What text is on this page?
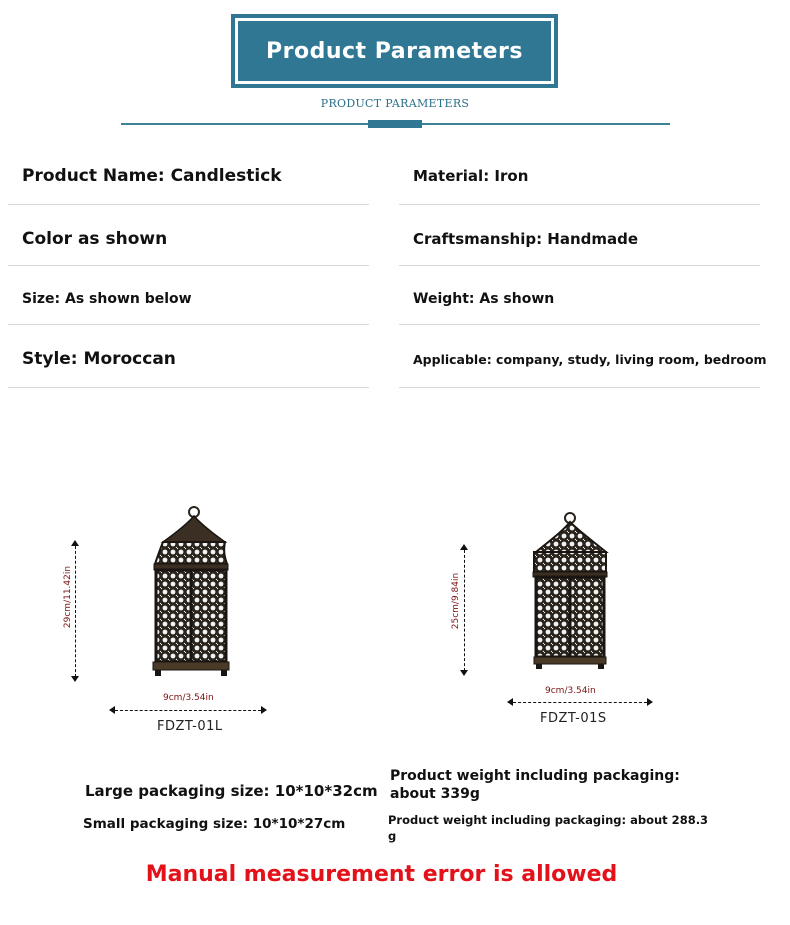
Product Parameters
PRODUCT PARAMETERS
Product Name: Candlestick
Color as shown
Size: As shown below
Style: Moroccan
Material: Iron
Craftsmanship: Handmade
Weight: As shown
Applicable: company, study, living room, bedroom
29cm/11.42in
9cm/3.54in
FDZT-01L
25cm/9.84in
9cm/3.54in
FDZT-01S
Large packaging size: 10*10*32cm
Small packaging size: 10*10*27cm
Product weight including packaging:
about 339g
Product weight including packaging: about 288.3
g
Manual measurement error is allowed
